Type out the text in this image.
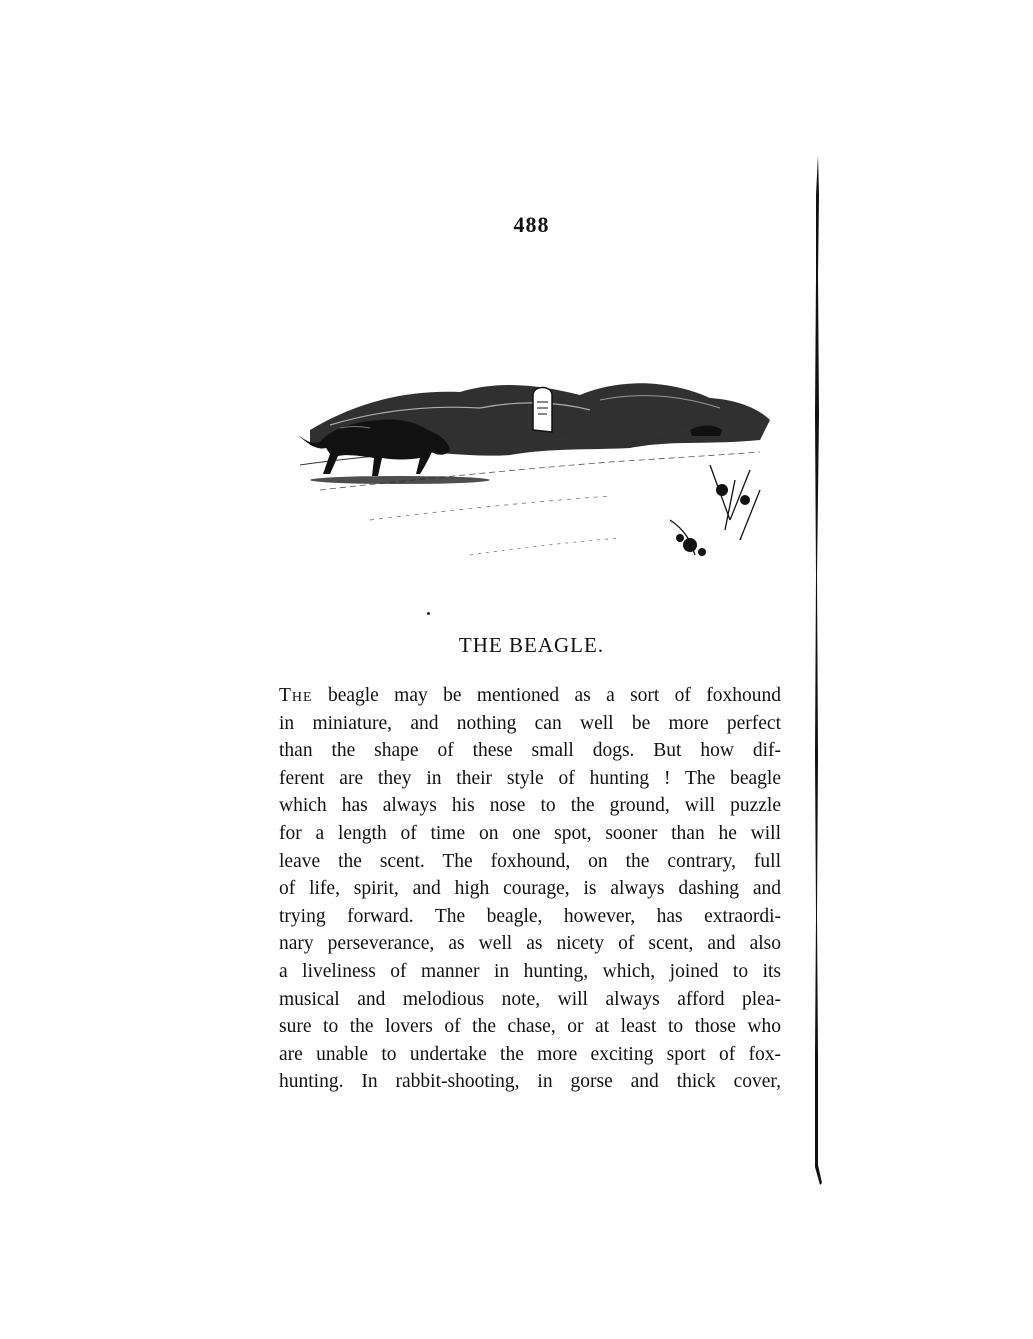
488
THE BEAGLE.
The beagle may be mentioned as a sort of foxhound
in miniature, and nothing can well be more perfect
than the shape of these small dogs. But how dif-
ferent are they in their style of hunting ! The beagle
which has always his nose to the ground, will puzzle
for a length of time on one spot, sooner than he will
leave the scent. The foxhound, on the contrary, full
of life, spirit, and high courage, is always dashing and
trying forward. The beagle, however, has extraordi-
nary perseverance, as well as nicety of scent, and also
a liveliness of manner in hunting, which, joined to its
musical and melodious note, will always afford plea-
sure to the lovers of the chase, or at least to those who
are unable to undertake the more exciting sport of fox-
hunting. In rabbit-shooting, in gorse and thick cover,
